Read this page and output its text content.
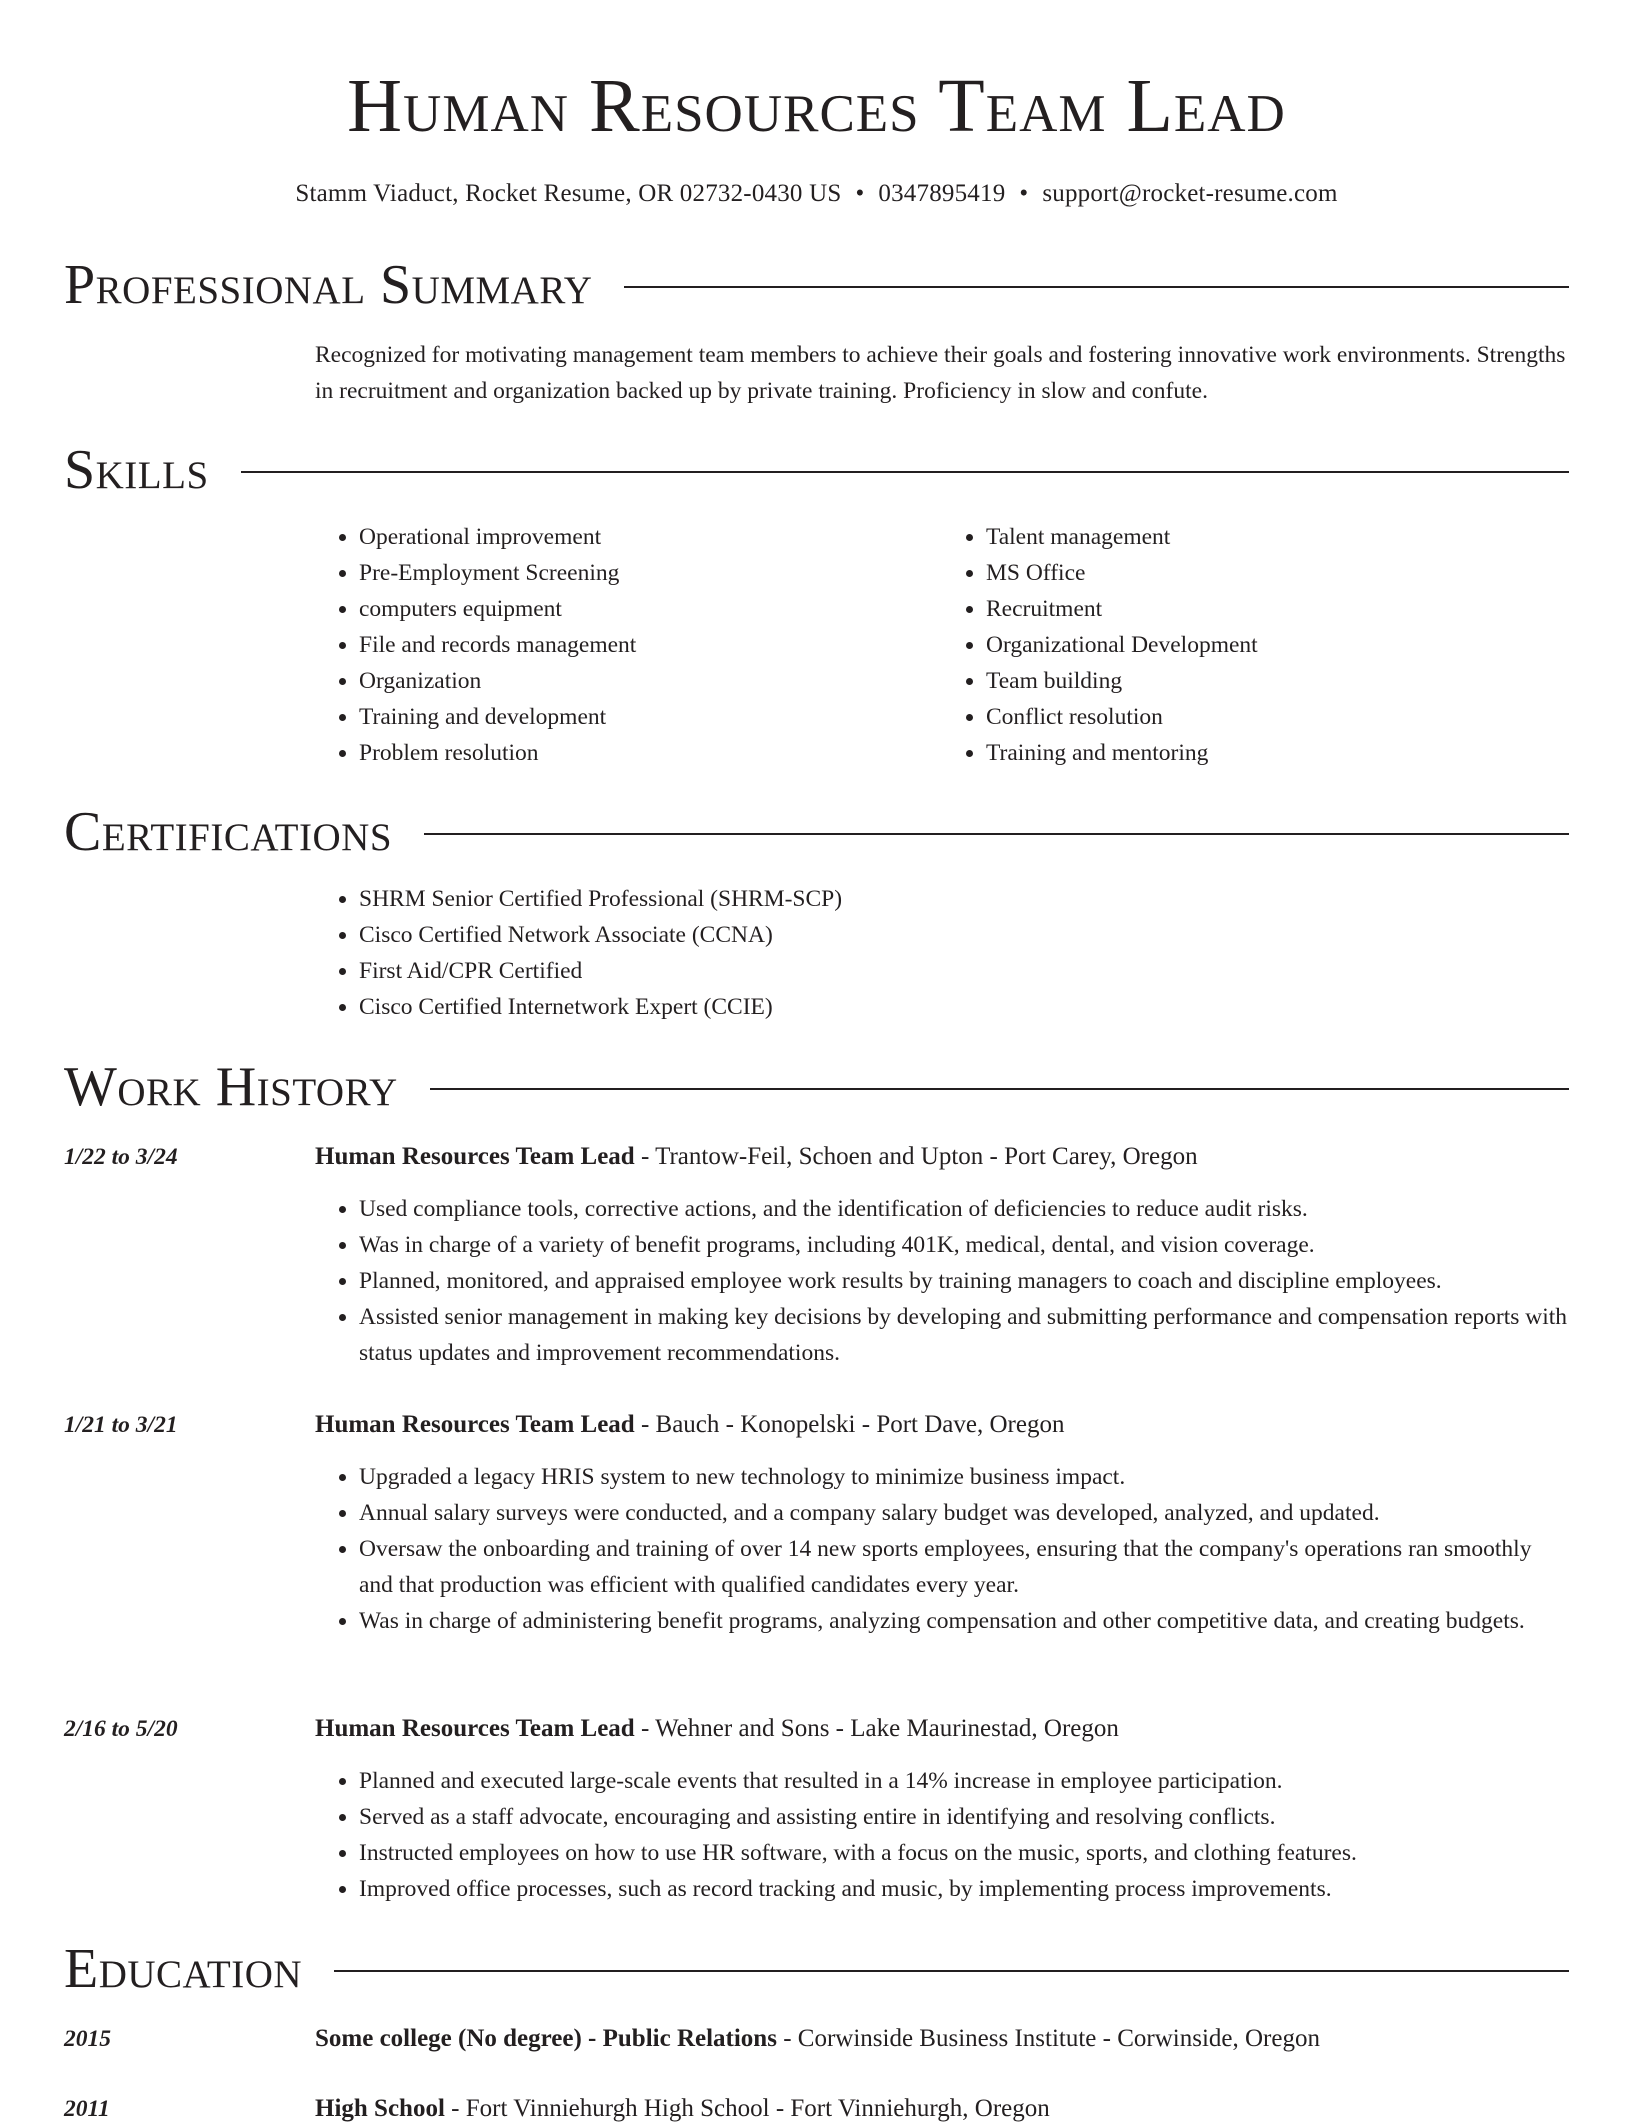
Human Resources Team Lead
Stamm Viaduct, Rocket Resume, OR 02732-0430 US • 0347895419 • support@rocket-resume.com
Professional Summary

Recognized for motivating management team members to achieve their goals and fostering innovative work environments. Strengths in recruitment and organization backed up by private training. Proficiency in slow and confute.

Skills
• Operational improvement
• Pre-Employment Screening
• computers equipment
• File and records management
• Organization
• Training and development
• Problem resolution
• Talent management
• MS Office
• Recruitment
• Organizational Development
• Team building
• Conflict resolution
• Training and mentoring
Certifications
• SHRM Senior Certified Professional (SHRM-SCP)
• Cisco Certified Network Associate (CCNA)
• First Aid/CPR Certified
• Cisco Certified Internetwork Expert (CCIE)
Work History
1/22 to 3/24	Human Resources Team Lead - Trantow-Feil, Schoen and Upton - Port Carey, Oregon
• Used compliance tools, corrective actions, and the identification of deficiencies to reduce audit risks.
• Was in charge of a variety of benefit programs, including 401K, medical, dental, and vision coverage.
• Planned, monitored, and appraised employee work results by training managers to coach and discipline employees.
• Assisted senior management in making key decisions by developing and submitting performance and compensation reports with status updates and improvement recommendations.
1/21 to 3/21	Human Resources Team Lead - Bauch - Konopelski - Port Dave, Oregon
• Upgraded a legacy HRIS system to new technology to minimize business impact.
• Annual salary surveys were conducted, and a company salary budget was developed, analyzed, and updated.
• Oversaw the onboarding and training of over 14 new sports employees, ensuring that the company's operations ran smoothly and that production was efficient with qualified candidates every year.
• Was in charge of administering benefit programs, analyzing compensation and other competitive data, and creating budgets.
2/16 to 5/20	Human Resources Team Lead - Wehner and Sons - Lake Maurinestad, Oregon
• Planned and executed large-scale events that resulted in a 14% increase in employee participation.
• Served as a staff advocate, encouraging and assisting entire in identifying and resolving conflicts.
• Instructed employees on how to use HR software, with a focus on the music, sports, and clothing features.
• Improved office processes, such as record tracking and music, by implementing process improvements.
Education
2015	Some college (No degree) - Public Relations - Corwinside Business Institute - Corwinside, Oregon
2011	High School - Fort Vinniehurgh High School - Fort Vinniehurgh, Oregon
